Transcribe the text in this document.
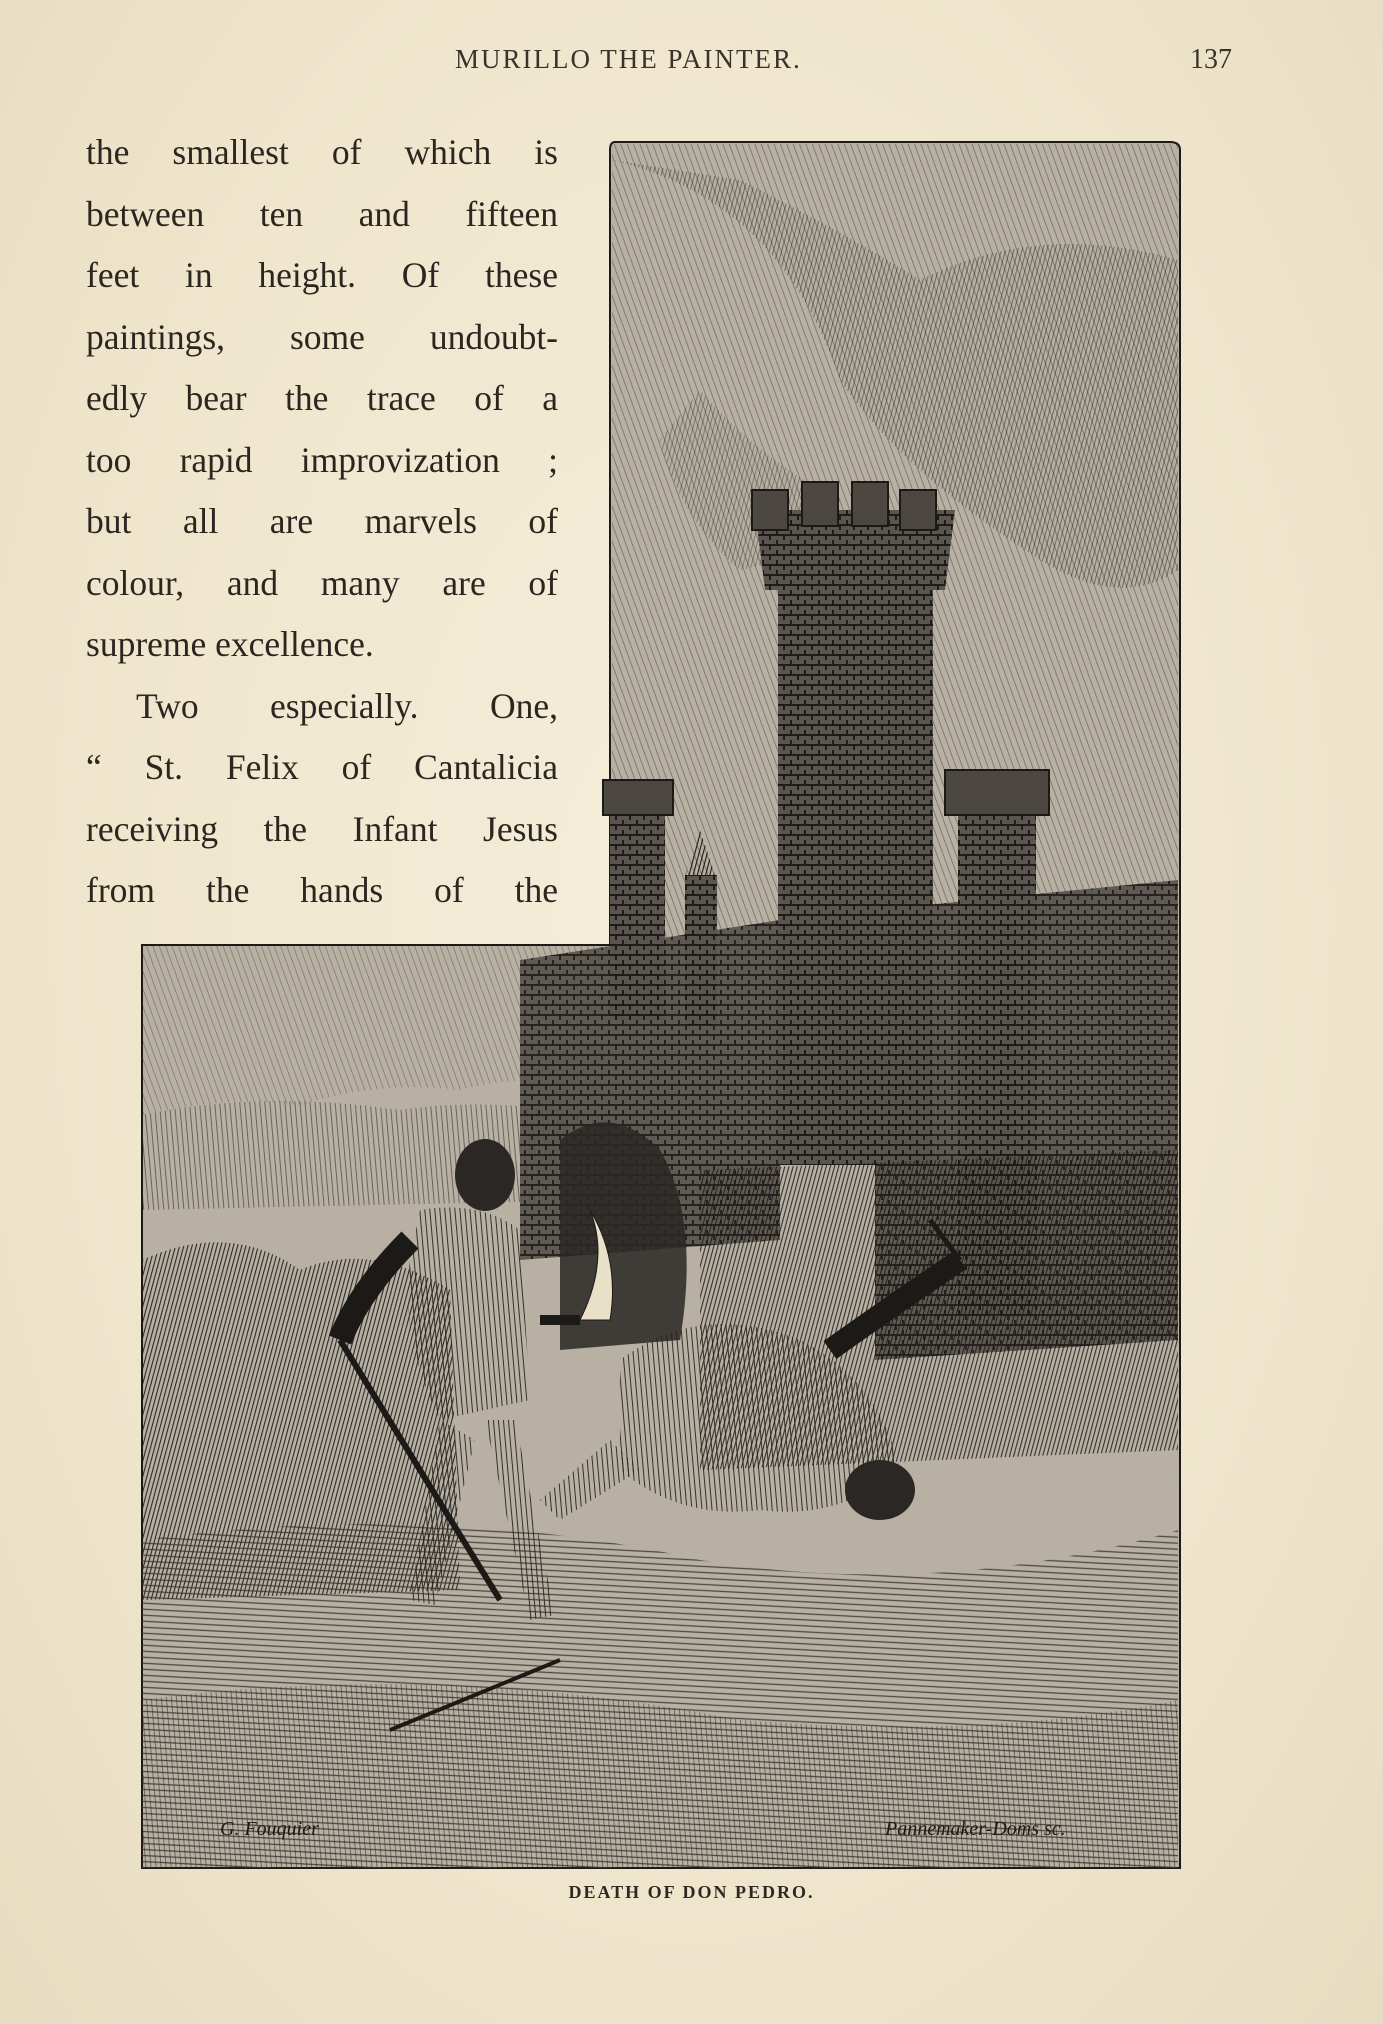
MURILLO THE PAINTER.	137
G. Fouquier	Pannemaker-Doms sc.
the smallest of which is
between ten and fifteen
feet in height. Of these
paintings, some undoubt-
edly bear the trace of a
too rapid improvization ;
but all are marvels of
colour, and many are of
supreme excellence.
Two especially. One,
“ St. Felix of Cantalicia
receiving the Infant Jesus
from the hands of the
DEATH OF DON PEDRO.
